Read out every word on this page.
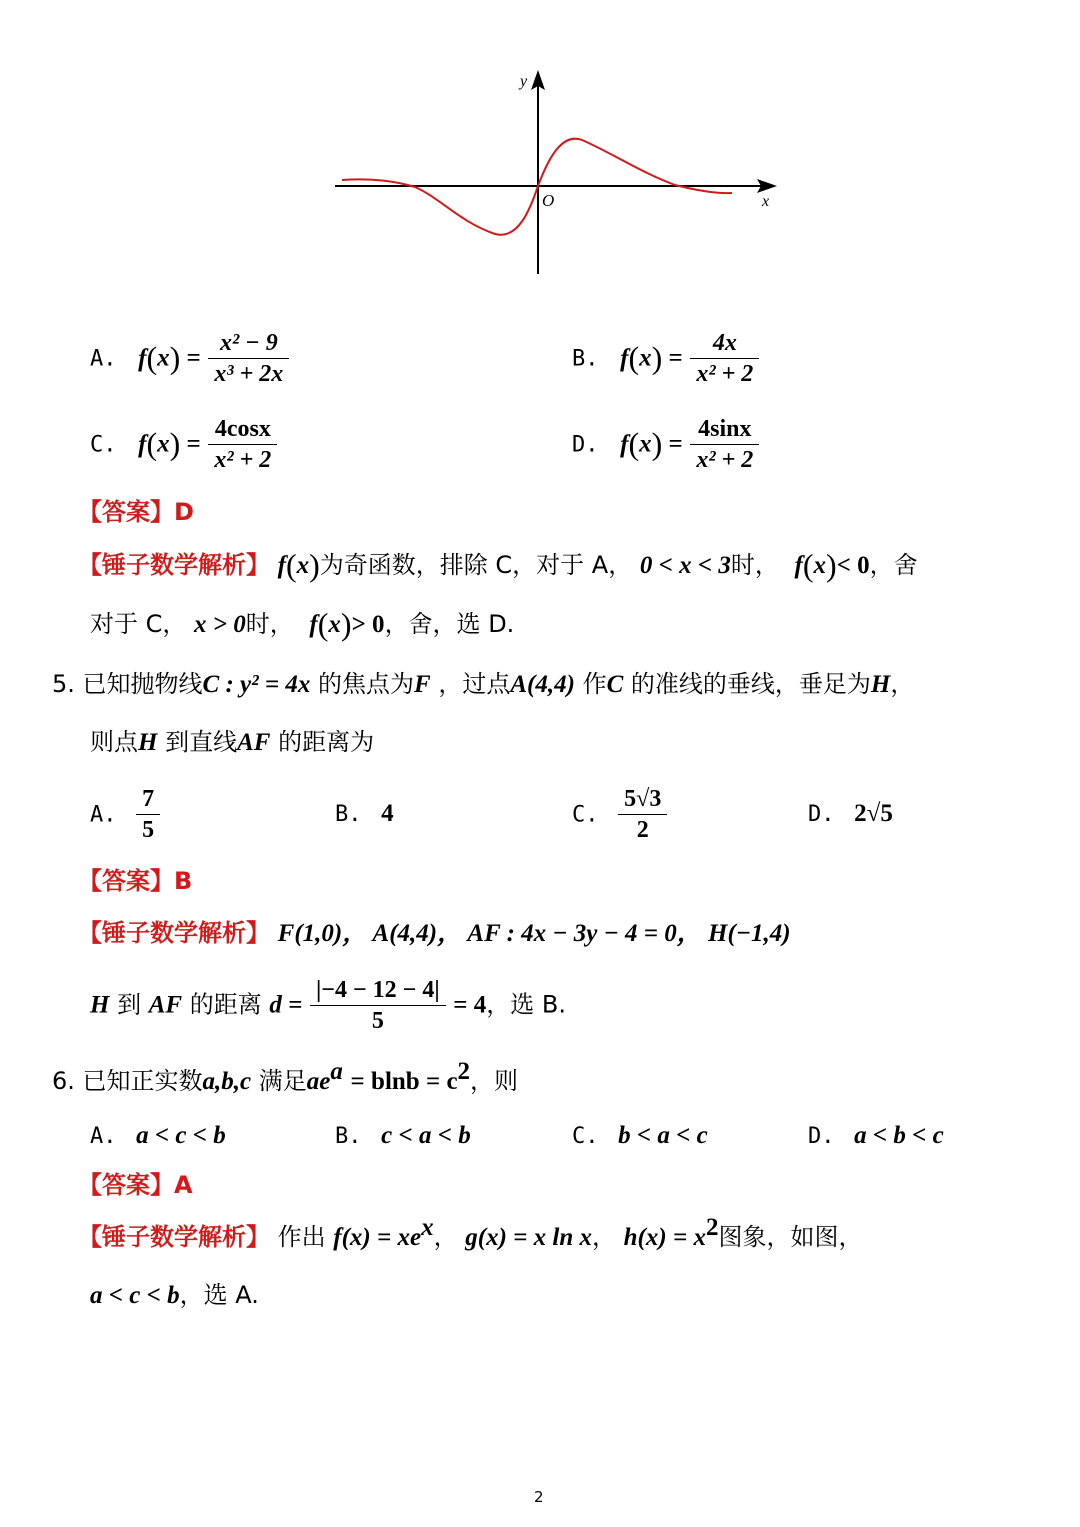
y
O	x
A. $f(x) = \frac{\text{x² − 9}}{\text{x³ + 2x}}$	B. $f(x) = \frac{4x}{\text{x² + 2}}$
C. $f(x) = \frac{4\cos x}{\text{x² + 2}}$	D. $f(x) = \frac{4\sin x}{\text{x² + 2}}$
【答案】D
【锤子数学解析】 f(x)为奇函数，排除 C，对于 A， 0 < x < 3时， f(x)< 0，舍
对于 C， x > 0时， f(x)> 0，舍，选 D.
5. 已知抛物线C : y² = 4x 的焦点为F ，过点A(4,4) 作C 的准线的垂线，垂足为H，
则点H 到直线AF 的距离为
A. $\frac{7}{5}$	B. 4	C. $\frac{5√3}{2}$	D. 2√5
【答案】B
【锤子数学解析】 F(1,0)， A(4,4)， AF : 4x − 3y − 4 = 0， H(−1,4)
H 到 AF 的距离 $d = \frac{|-4 - 12 - 4|}{5} = 4$，选 B.
6. 已知正实数a,b,c 满足$ae^a = blnb = c^2$，则
A. a < c < b	B. c < a < b	C. b < a < c	D. a < b < c
【答案】A
【锤子数学解析】 作出 $f(x) = xe^x$， g(x) = x ln x， $h(x) = x^2$图象，如图，
a < c < b，选 A.
2
